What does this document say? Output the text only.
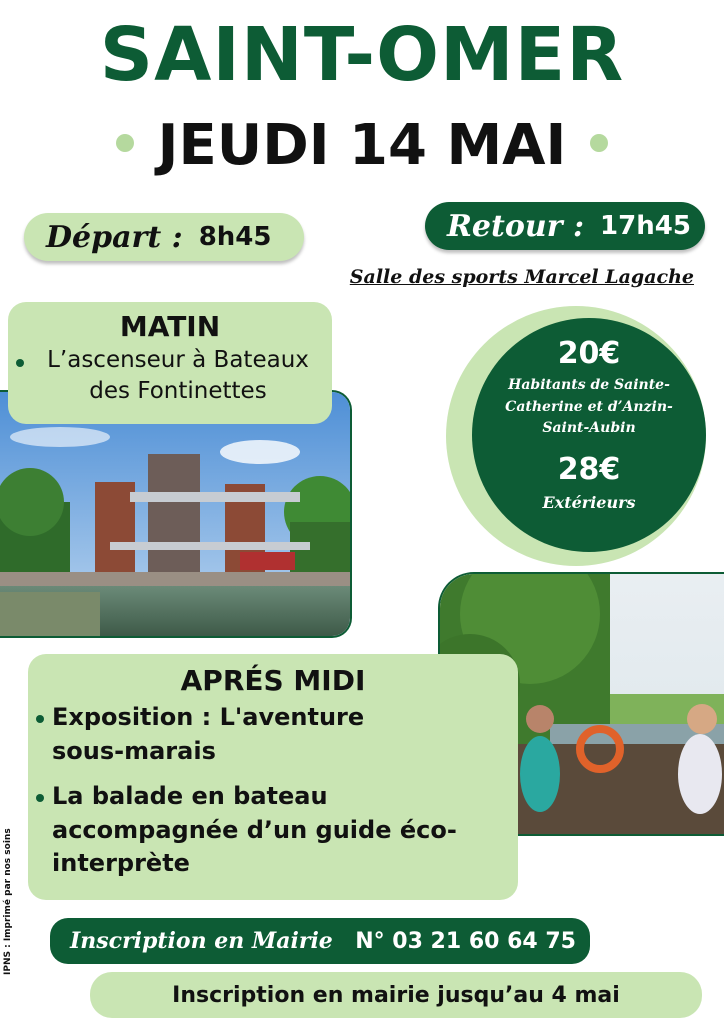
SAINT-OMER
JEUDI 14 MAI
Départ : 8h45	Retour : 17h45
Salle des sports Marcel Lagache
MATIN
L’ascenseur à Bateaux des Fontinettes
20€
Habitants de Sainte-Catherine et d’Anzin-Saint-Aubin
28€
Extérieurs
APRÉS MIDI
Exposition : L'aventure sous-marais
La balade en bateau accompagnée d’un guide éco-interprète
Inscription en Mairie N° 03 21 60 64 75
Inscription en mairie jusqu’au 4 mai
IPNS : Imprimé par nos soins
